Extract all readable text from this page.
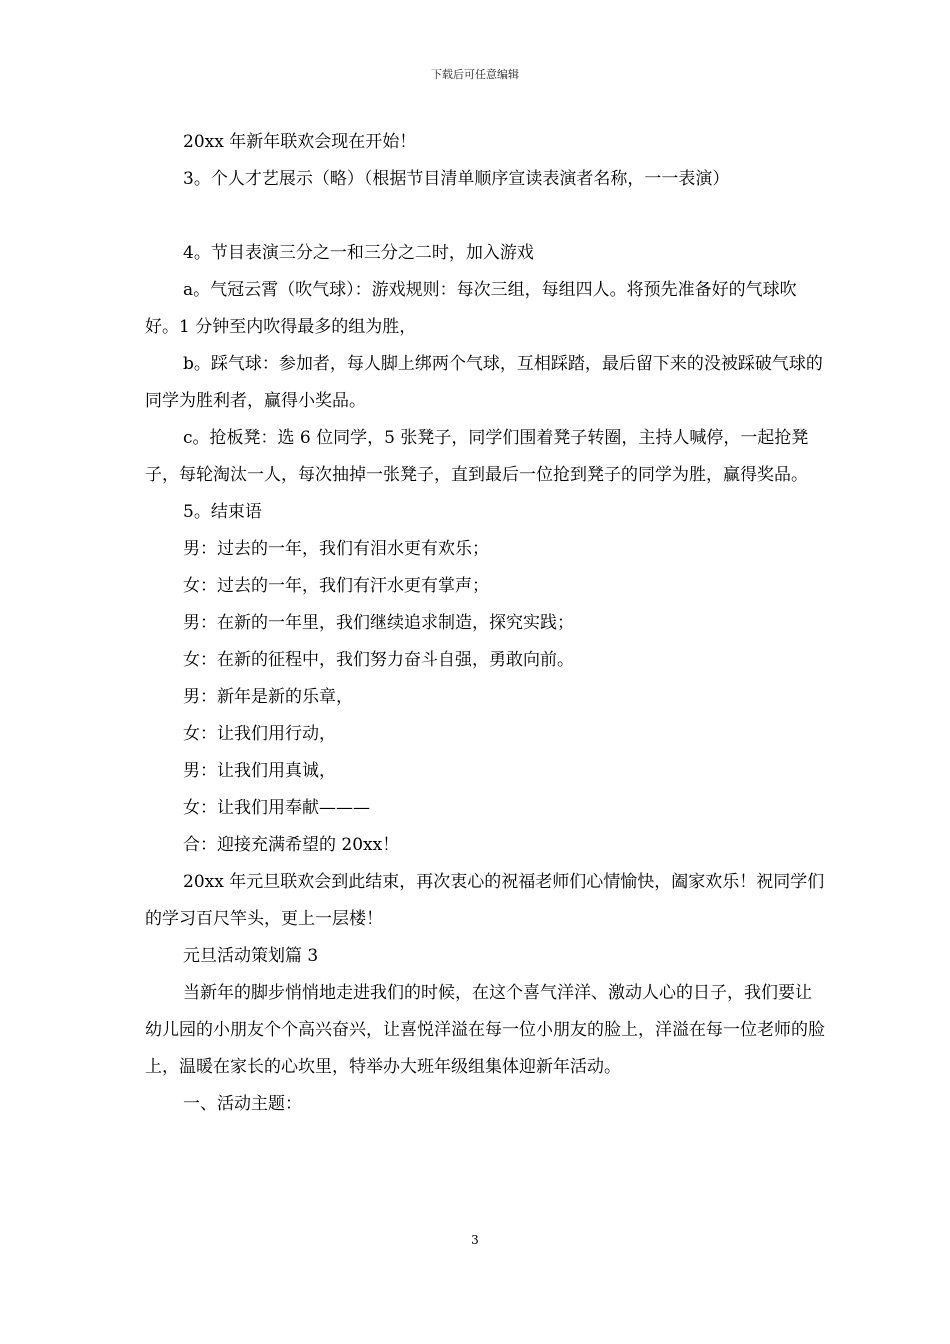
下载后可任意编辑

20xx 年新年联欢会现在开始！

3。个人才艺展示（略）（根据节目清单顺序宣读表演者名称，一一表演）

4。节目表演三分之一和三分之二时，加入游戏

a。气冠云霄（吹气球）：游戏规则：每次三组，每组四人。将预先准备好的气球吹好。1 分钟至内吹得最多的组为胜，

b。踩气球：参加者，每人脚上绑两个气球，互相踩踏，最后留下来的没被踩破气球的同学为胜利者，赢得小奖品。

c。抢板凳：选 6 位同学，5 张凳子，同学们围着凳子转圈，主持人喊停，一起抢凳子，每轮淘汰一人，每次抽掉一张凳子，直到最后一位抢到凳子的同学为胜，赢得奖品。

5。结束语

男：过去的一年，我们有泪水更有欢乐；

女：过去的一年，我们有汗水更有掌声；

男：在新的一年里，我们继续追求制造，探究实践；

女：在新的征程中，我们努力奋斗自强，勇敢向前。

男：新年是新的乐章，

女：让我们用行动，

男：让我们用真诚，

女：让我们用奉献———

合：迎接充满希望的 20xx！

20xx 年元旦联欢会到此结束，再次衷心的祝福老师们心情愉快，阖家欢乐！祝同学们的学习百尺竿头，更上一层楼！

元旦活动策划篇 3

当新年的脚步悄悄地走进我们的时候，在这个喜气洋洋、激动人心的日子，我们要让幼儿园的小朋友个个高兴奋兴，让喜悦洋溢在每一位小朋友的脸上，洋溢在每一位老师的脸上，温暖在家长的心坎里，特举办大班年级组集体迎新年活动。

一、活动主题：

3
